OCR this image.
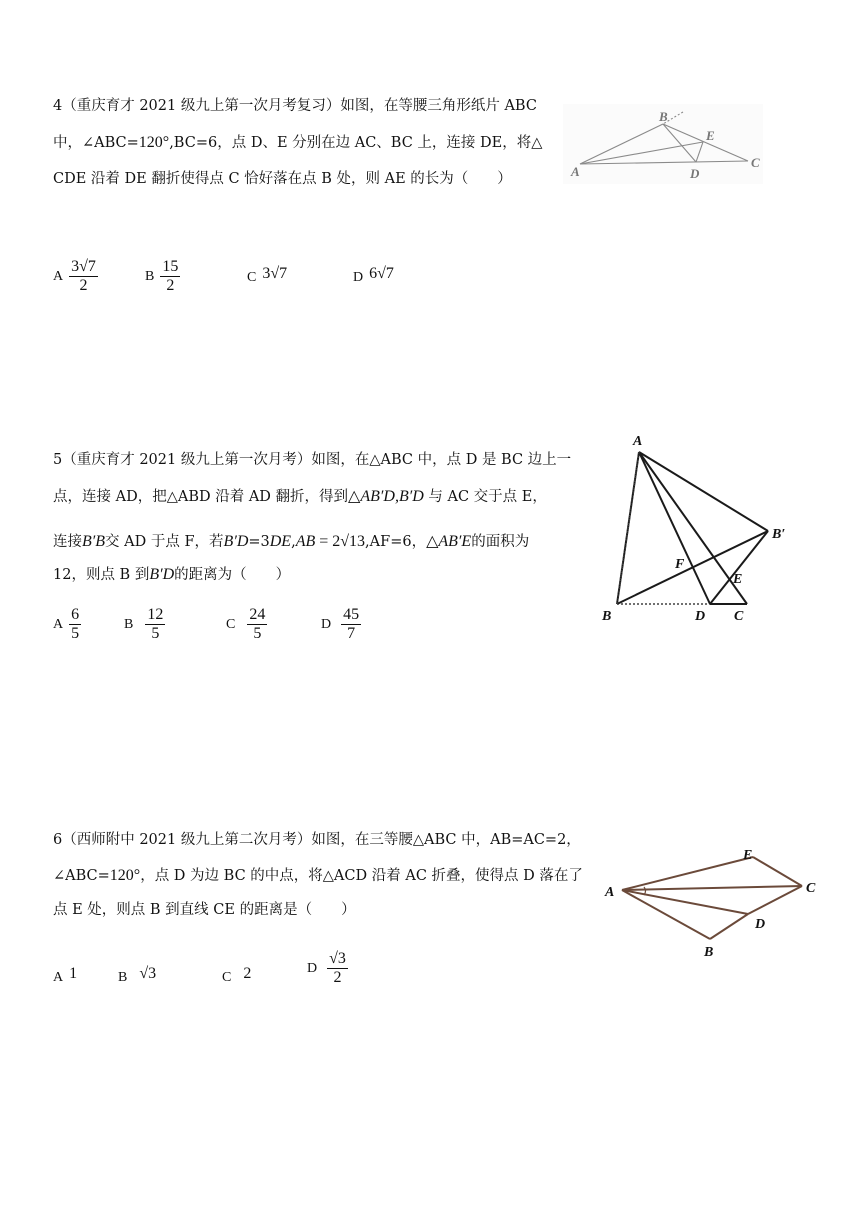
4（重庆育才 2021 级九上第一次月考复习）如图，在等腰三角形纸片 ABC
中，∠ABC=120°,BC=6，点 D、E 分别在边 AC、BC 上，连接 DE，将△
CDE 沿着 DE 翻折使得点 C 恰好落在点 B 处，则 AE 的长为（　　）	A
B
C
D
E
A $\frac{3√7}{2}$	B $\frac{15}{2}$	C 3√7	D 6√7
5（重庆育才 2021 级九上第一次月考）如图，在△ABC 中，点 D 是 BC 边上一
点，连接 AD，把△ABD 沿着 AD 翻折，得到△AB′D,B′D 与 AC 交于点 E，
连接B′B交 AD 于点 F，若B′D=3DE,AB = 2√13,AF=6，△AB′E的面积为
12，则点 B 到B′D的距离为（　　）
A
B
B′
C
D
E
F
A $\frac{6}{5}$	B $\frac{12}{5}$	C $\frac{24}{5}$	D $\frac{45}{7}$
6（西师附中 2021 级九上第二次月考）如图，在三等腰△ABC 中，AB=AC=2，
∠ABC=120°，点 D 为边 BC 的中点，将△ACD 沿着 AC 折叠，使得点 D 落在了
点 E 处，则点 B 到直线 CE 的距离是（　　）
A
B
C
D
E
A 1	B √3	C 2	D $\frac{√3}{2}$
